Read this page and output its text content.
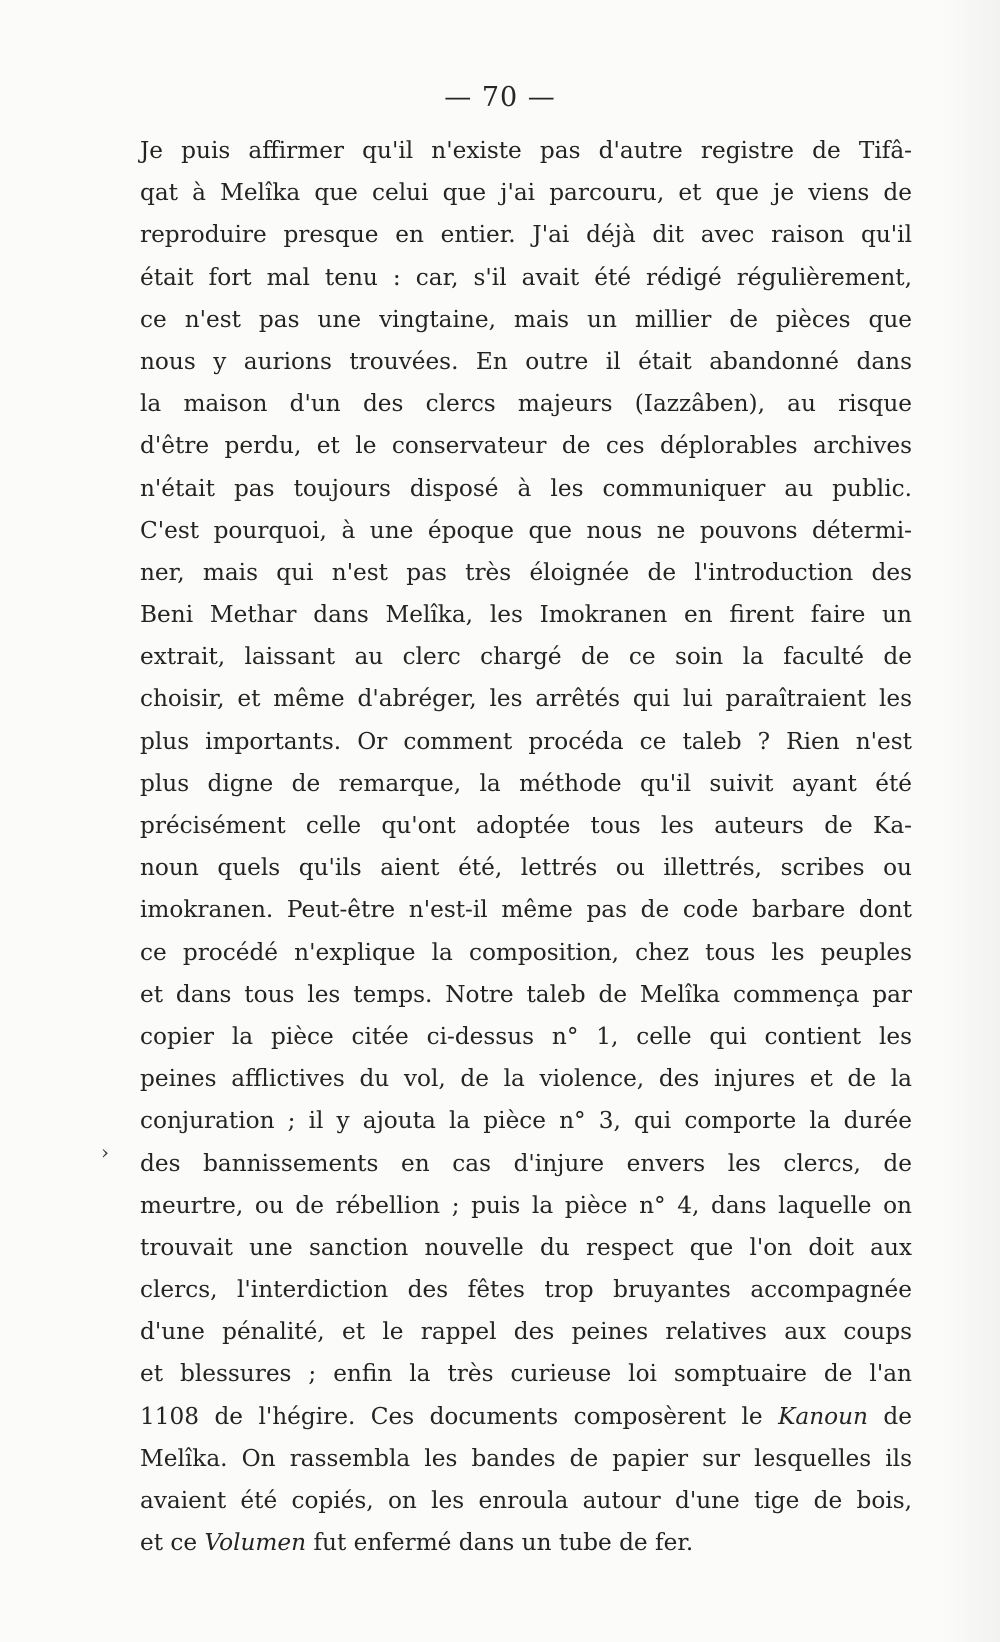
— 70 —
›
Je puis affirmer qu'il n'existe pas d'autre registre de Tifâ-
qat à Melîka que celui que j'ai parcouru, et que je viens de
reproduire presque en entier. J'ai déjà dit avec raison qu'il
était fort mal tenu : car, s'il avait été rédigé régulièrement,
ce n'est pas une vingtaine, mais un millier de pièces que
nous y aurions trouvées. En outre il était abandonné dans
la maison d'un des clercs majeurs (Iazzâben), au risque
d'être perdu, et le conservateur de ces déplorables archives
n'était pas toujours disposé à les communiquer au public.
C'est pourquoi, à une époque que nous ne pouvons détermi-
ner, mais qui n'est pas très éloignée de l'introduction des
Beni Methar dans Melîka, les Imokranen en firent faire un
extrait, laissant au clerc chargé de ce soin la faculté de
choisir, et même d'abréger, les arrêtés qui lui paraîtraient les
plus importants. Or comment procéda ce taleb ? Rien n'est
plus digne de remarque, la méthode qu'il suivit ayant été
précisément celle qu'ont adoptée tous les auteurs de Ka-
noun quels qu'ils aient été, lettrés ou illettrés, scribes ou
imokranen. Peut-être n'est-il même pas de code barbare dont
ce procédé n'explique la composition, chez tous les peuples
et dans tous les temps. Notre taleb de Melîka commença par
copier la pièce citée ci-dessus n° 1, celle qui contient les
peines afflictives du vol, de la violence, des injures et de la
conjuration ; il y ajouta la pièce n° 3, qui comporte la durée
des bannissements en cas d'injure envers les clercs, de
meurtre, ou de rébellion ; puis la pièce n° 4, dans laquelle on
trouvait une sanction nouvelle du respect que l'on doit aux
clercs, l'interdiction des fêtes trop bruyantes accompagnée
d'une pénalité, et le rappel des peines relatives aux coups
et blessures ; enfin la très curieuse loi somptuaire de l'an
1108 de l'hégire. Ces documents composèrent le Kanoun de
Melîka. On rassembla les bandes de papier sur lesquelles ils
avaient été copiés, on les enroula autour d'une tige de bois,
et ce Volumen fut enfermé dans un tube de fer.
